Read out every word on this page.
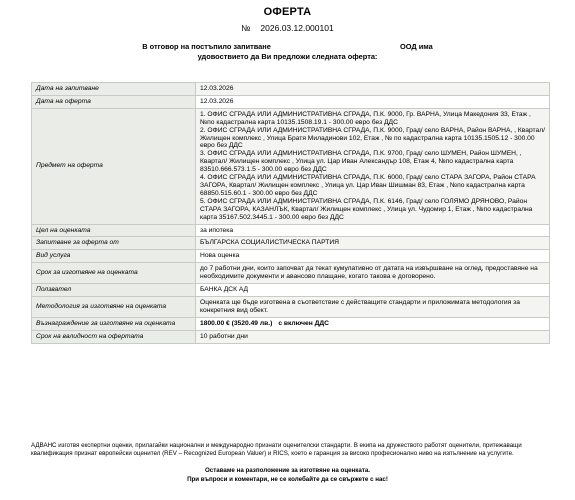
ОФЕРТА
№ 2026.03.12.000101
В отговор на постъпило запитване	ООД има
удовоствието да Ви предложи следната оферта:
Дата на запитване	12.03.2026
Дата на оферта	12.03.2026
Предмет на оферта	1. ОФИС СГРАДА ИЛИ АДМИНИСТРАТИВНА СГРАДА, П.К. 9000, Гр. ВАРНА, Улица Македония 33, Етаж , №по кадастрална карта 10135.1508.19.1 - 300.00 евро без ДДС
2. ОФИС СГРАДА ИЛИ АДМИНИСТРАТИВНА СГРАДА, П.К. 9000, Град/ село ВАРНА, Район ВАРНА, , Квартал/ Жилищен комплекс , Улица Братя Миладинови 102, Етаж , № по кадастрална карта 10135.1505.12 - 300.00 евро без ДДС
3. ОФИС СГРАДА ИЛИ АДМИНИСТРАТИВНА СГРАДА, П.К. 9700, Град/ село ШУМЕН, Район ШУМЕН, , Квартал/ Жилищен комплекс , Улица ул. Цар Иван Александър 108, Етаж 4, №по кадастрална карта 83510.666.573.1.5 - 300.00 евро без ДДС
4. ОФИС СГРАДА ИЛИ АДМИНИСТРАТИВНА СГРАДА, П.К. 6000, Град/ село СТАРА ЗАГОРА, Район СТАРА ЗАГОРА, Квартал/ Жилищен комплекс , Улица ул. Цар Иван Шишман 83, Етаж , №по кадастрална карта 68850.515.60.1 - 300.00 евро без ДДС
5. ОФИС СГРАДА ИЛИ АДМИНИСТРАТИВНА СГРАДА, П.К. 6146, Град/ село ГОЛЯМО ДРЯНОВО, Район СТАРА ЗАГОРА, КАЗАНЛЪК, Квартал/ Жилищен комплекс , Улица ул. Чудомир 1, Етаж , №по кадастрална карта 35167.502.3445.1 - 300.00 евро без ДДС

Цел на оценката	за ипотека
Запитване за оферта от	БЪЛГАРСКА СОЦИАЛИСТИЧЕСКА ПАРТИЯ
Вид услуга	Нова оценка
Срок за изготвяне на оценката	до 7 работни дни, които започват да текат кумулативно от датата на извършване на оглед, предоставяне на необходимите документи и авансово плащане, когато такова е договорено.
Ползвател	БАНКА ДСК АД
Методология за изготвяне на оценката	Оценката ще бъде изготвена в съответствие с действащите стандарти и приложимата методология за конкретния вид обект.
Възнаграждение за изготвяне на оценката	1800.00 € (3520.49 лв.) с включен ДДС
Срок на валидност на офертата	10 работни дни
АДВАНС изготвя експертни оценки, прилагайки национални и международно признати оценителски стандарти. В екипа на дружеството работят оценители, притежаващи квалификация признат европейски оценител (REV – Recognized European Valuer) и RICS, което е гаранция за високо професионално ниво на изпълнение на услугите.
Оставаме на разположение за изготвяне на оценката.
При въпроси и коментари, не се колебайте да се свържете с нас!
